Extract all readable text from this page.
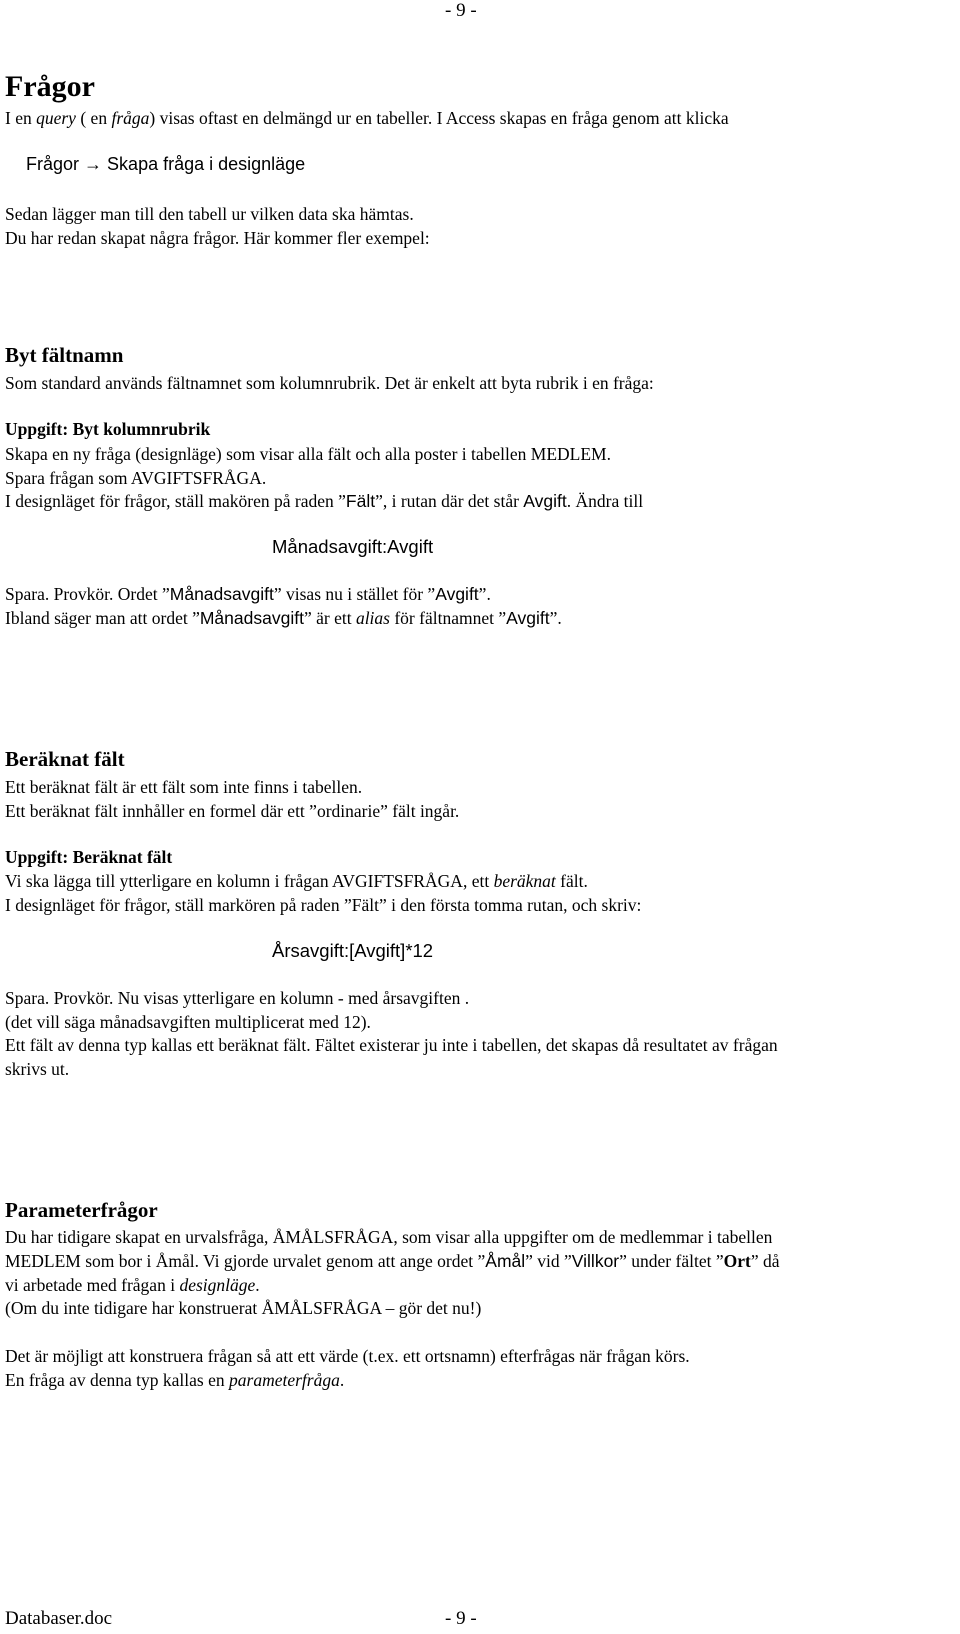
- 9 -
Frågor
I en query ( en fråga) visas oftast en delmängd ur en tabeller. I Access skapas en fråga genom att klicka
Frågor → Skapa fråga i designläge
Sedan lägger man till den tabell ur vilken data ska hämtas.
Du har redan skapat några frågor. Här kommer fler exempel:
Byt fältnamn
Som standard används fältnamnet som kolumnrubrik. Det är enkelt att byta rubrik i en fråga:
Uppgift: Byt kolumnrubrik
Skapa en ny fråga (designläge) som visar alla fält och alla poster i tabellen MEDLEM.
Spara frågan som AVGIFTSFRÅGA.
I designläget för frågor, ställ makören på raden ”Fält”, i rutan där det står Avgift. Ändra till
Månadsavgift:Avgift
Spara. Provkör. Ordet ”Månadsavgift” visas nu i stället för ”Avgift”.
Ibland säger man att ordet ”Månadsavgift” är ett alias för fältnamnet ”Avgift”.
Beräknat fält
Ett beräknat fält är ett fält som inte finns i tabellen.
Ett beräknat fält innhåller en formel där ett ”ordinarie” fält ingår.
Uppgift: Beräknat fält
Vi ska lägga till ytterligare en kolumn i frågan AVGIFTSFRÅGA, ett beräknat fält.
I designläget för frågor, ställ markören på raden ”Fält” i den första tomma rutan, och skriv:
Årsavgift:[Avgift]*12
Spara. Provkör. Nu visas ytterligare en kolumn - med årsavgiften .
(det vill säga månadsavgiften multiplicerat med 12).
Ett fält av denna typ kallas ett beräknat fält. Fältet existerar ju inte i tabellen, det skapas då resultatet av frågan
skrivs ut.
Parameterfrågor
Du har tidigare skapat en urvalsfråga, ÅMÅLSFRÅGA, som visar alla uppgifter om de medlemmar i tabellen
MEDLEM som bor i Åmål. Vi gjorde urvalet genom att ange ordet ”Åmål” vid ”Villkor” under fältet ”Ort” då
vi arbetade med frågan i designläge.
(Om du inte tidigare har konstruerat ÅMÅLSFRÅGA – gör det nu!)
Det är möjligt att konstruera frågan så att ett värde (t.ex. ett ortsnamn) efterfrågas när frågan körs.
En fråga av denna typ kallas en parameterfråga.
Databaser.doc	- 9 -
